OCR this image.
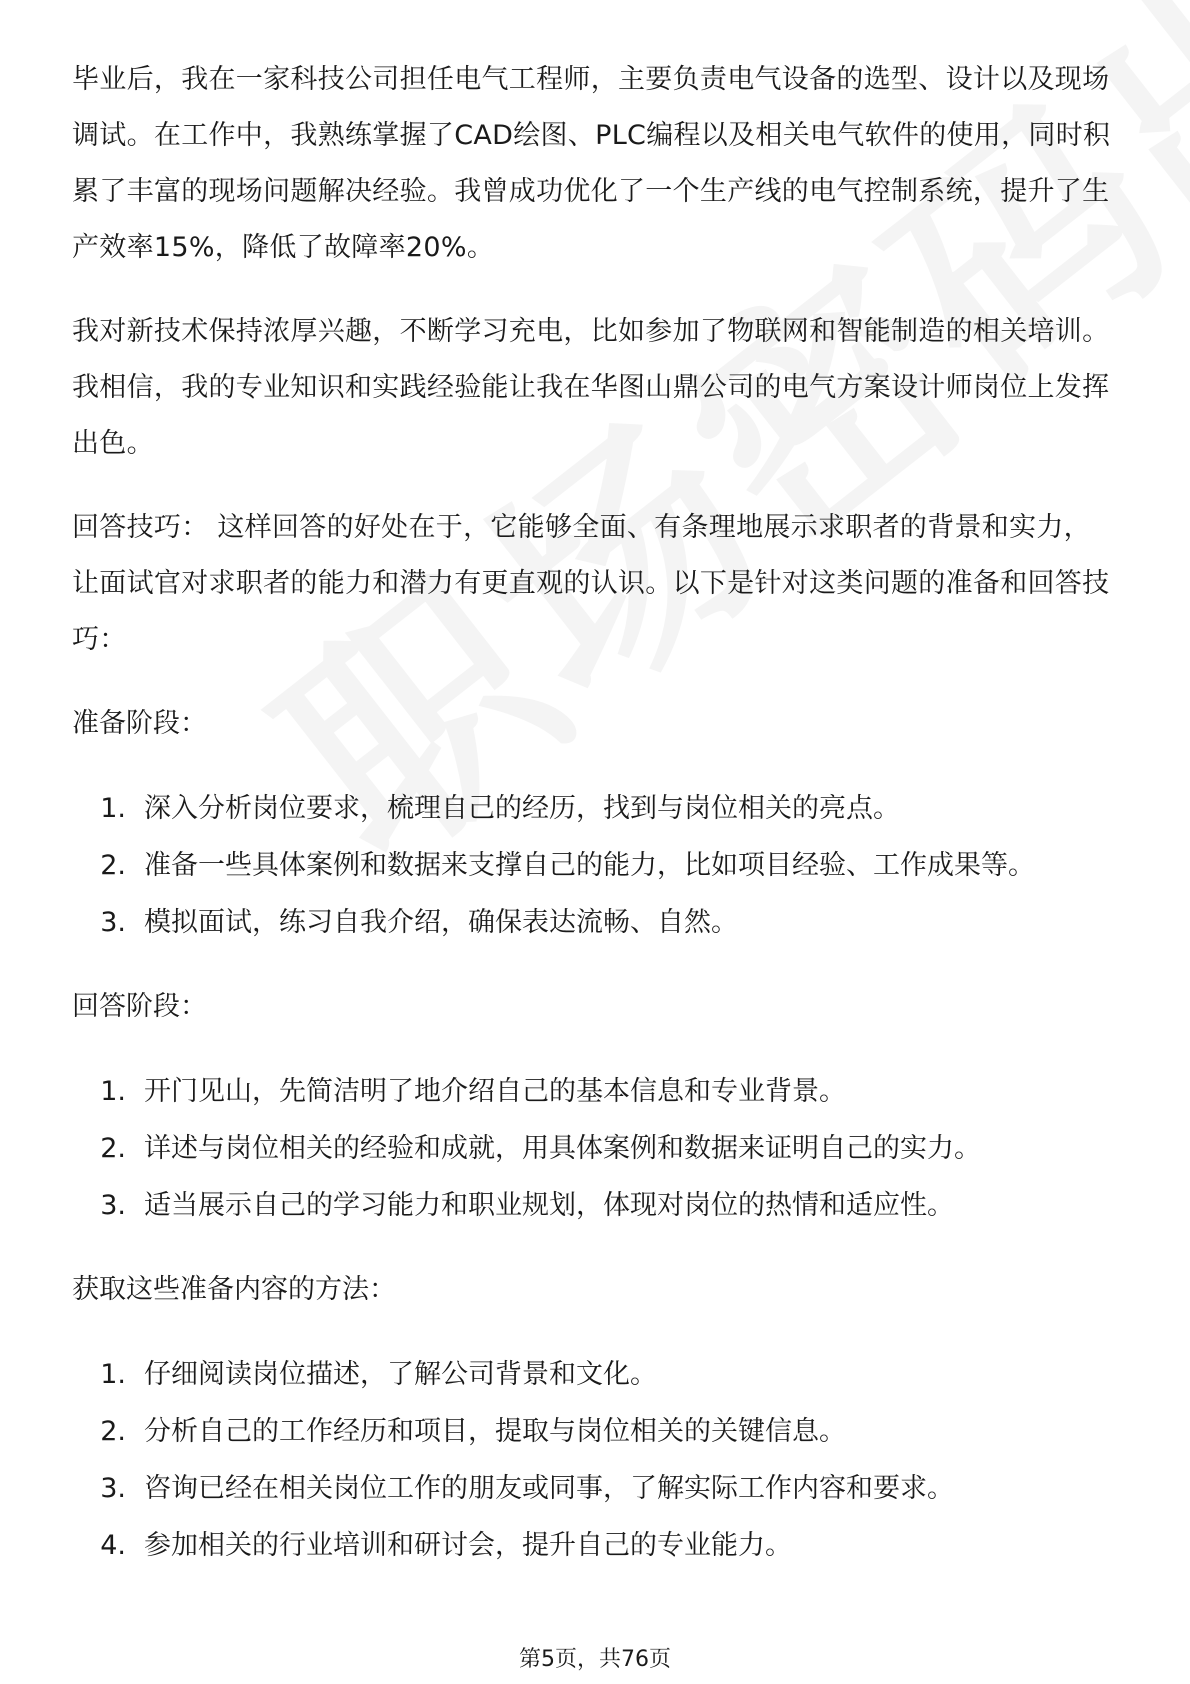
毕业后，我在一家科技公司担任电气工程师，主要负责电气设备的选型、设计以及现场调试。在工作中，我熟练掌握了CAD绘图、PLC编程以及相关电气软件的使用，同时积累了丰富的现场问题解决经验。我曾成功优化了一个生产线的电气控制系统，提升了生产效率15%，降低了故障率20%。

我对新技术保持浓厚兴趣，不断学习充电，比如参加了物联网和智能制造的相关培训。我相信，我的专业知识和实践经验能让我在华图山鼎公司的电气方案设计师岗位上发挥出色。

回答技巧： 这样回答的好处在于，它能够全面、有条理地展示求职者的背景和实力，让面试官对求职者的能力和潜力有更直观的认识。以下是针对这类问题的准备和回答技巧：

准备阶段：
1. 深入分析岗位要求，梳理自己的经历，找到与岗位相关的亮点。
2. 准备一些具体案例和数据来支撑自己的能力，比如项目经验、工作成果等。
3. 模拟面试，练习自我介绍，确保表达流畅、自然。
回答阶段：
1. 开门见山，先简洁明了地介绍自己的基本信息和专业背景。
2. 详述与岗位相关的经验和成就，用具体案例和数据来证明自己的实力。
3. 适当展示自己的学习能力和职业规划，体现对岗位的热情和适应性。
获取这些准备内容的方法：
1. 仔细阅读岗位描述，了解公司背景和文化。
2. 分析自己的工作经历和项目，提取与岗位相关的关键信息。
3. 咨询已经在相关岗位工作的朋友或同事，了解实际工作内容和要求。
4. 参加相关的行业培训和研讨会，提升自己的专业能力。
第5页，共76页
